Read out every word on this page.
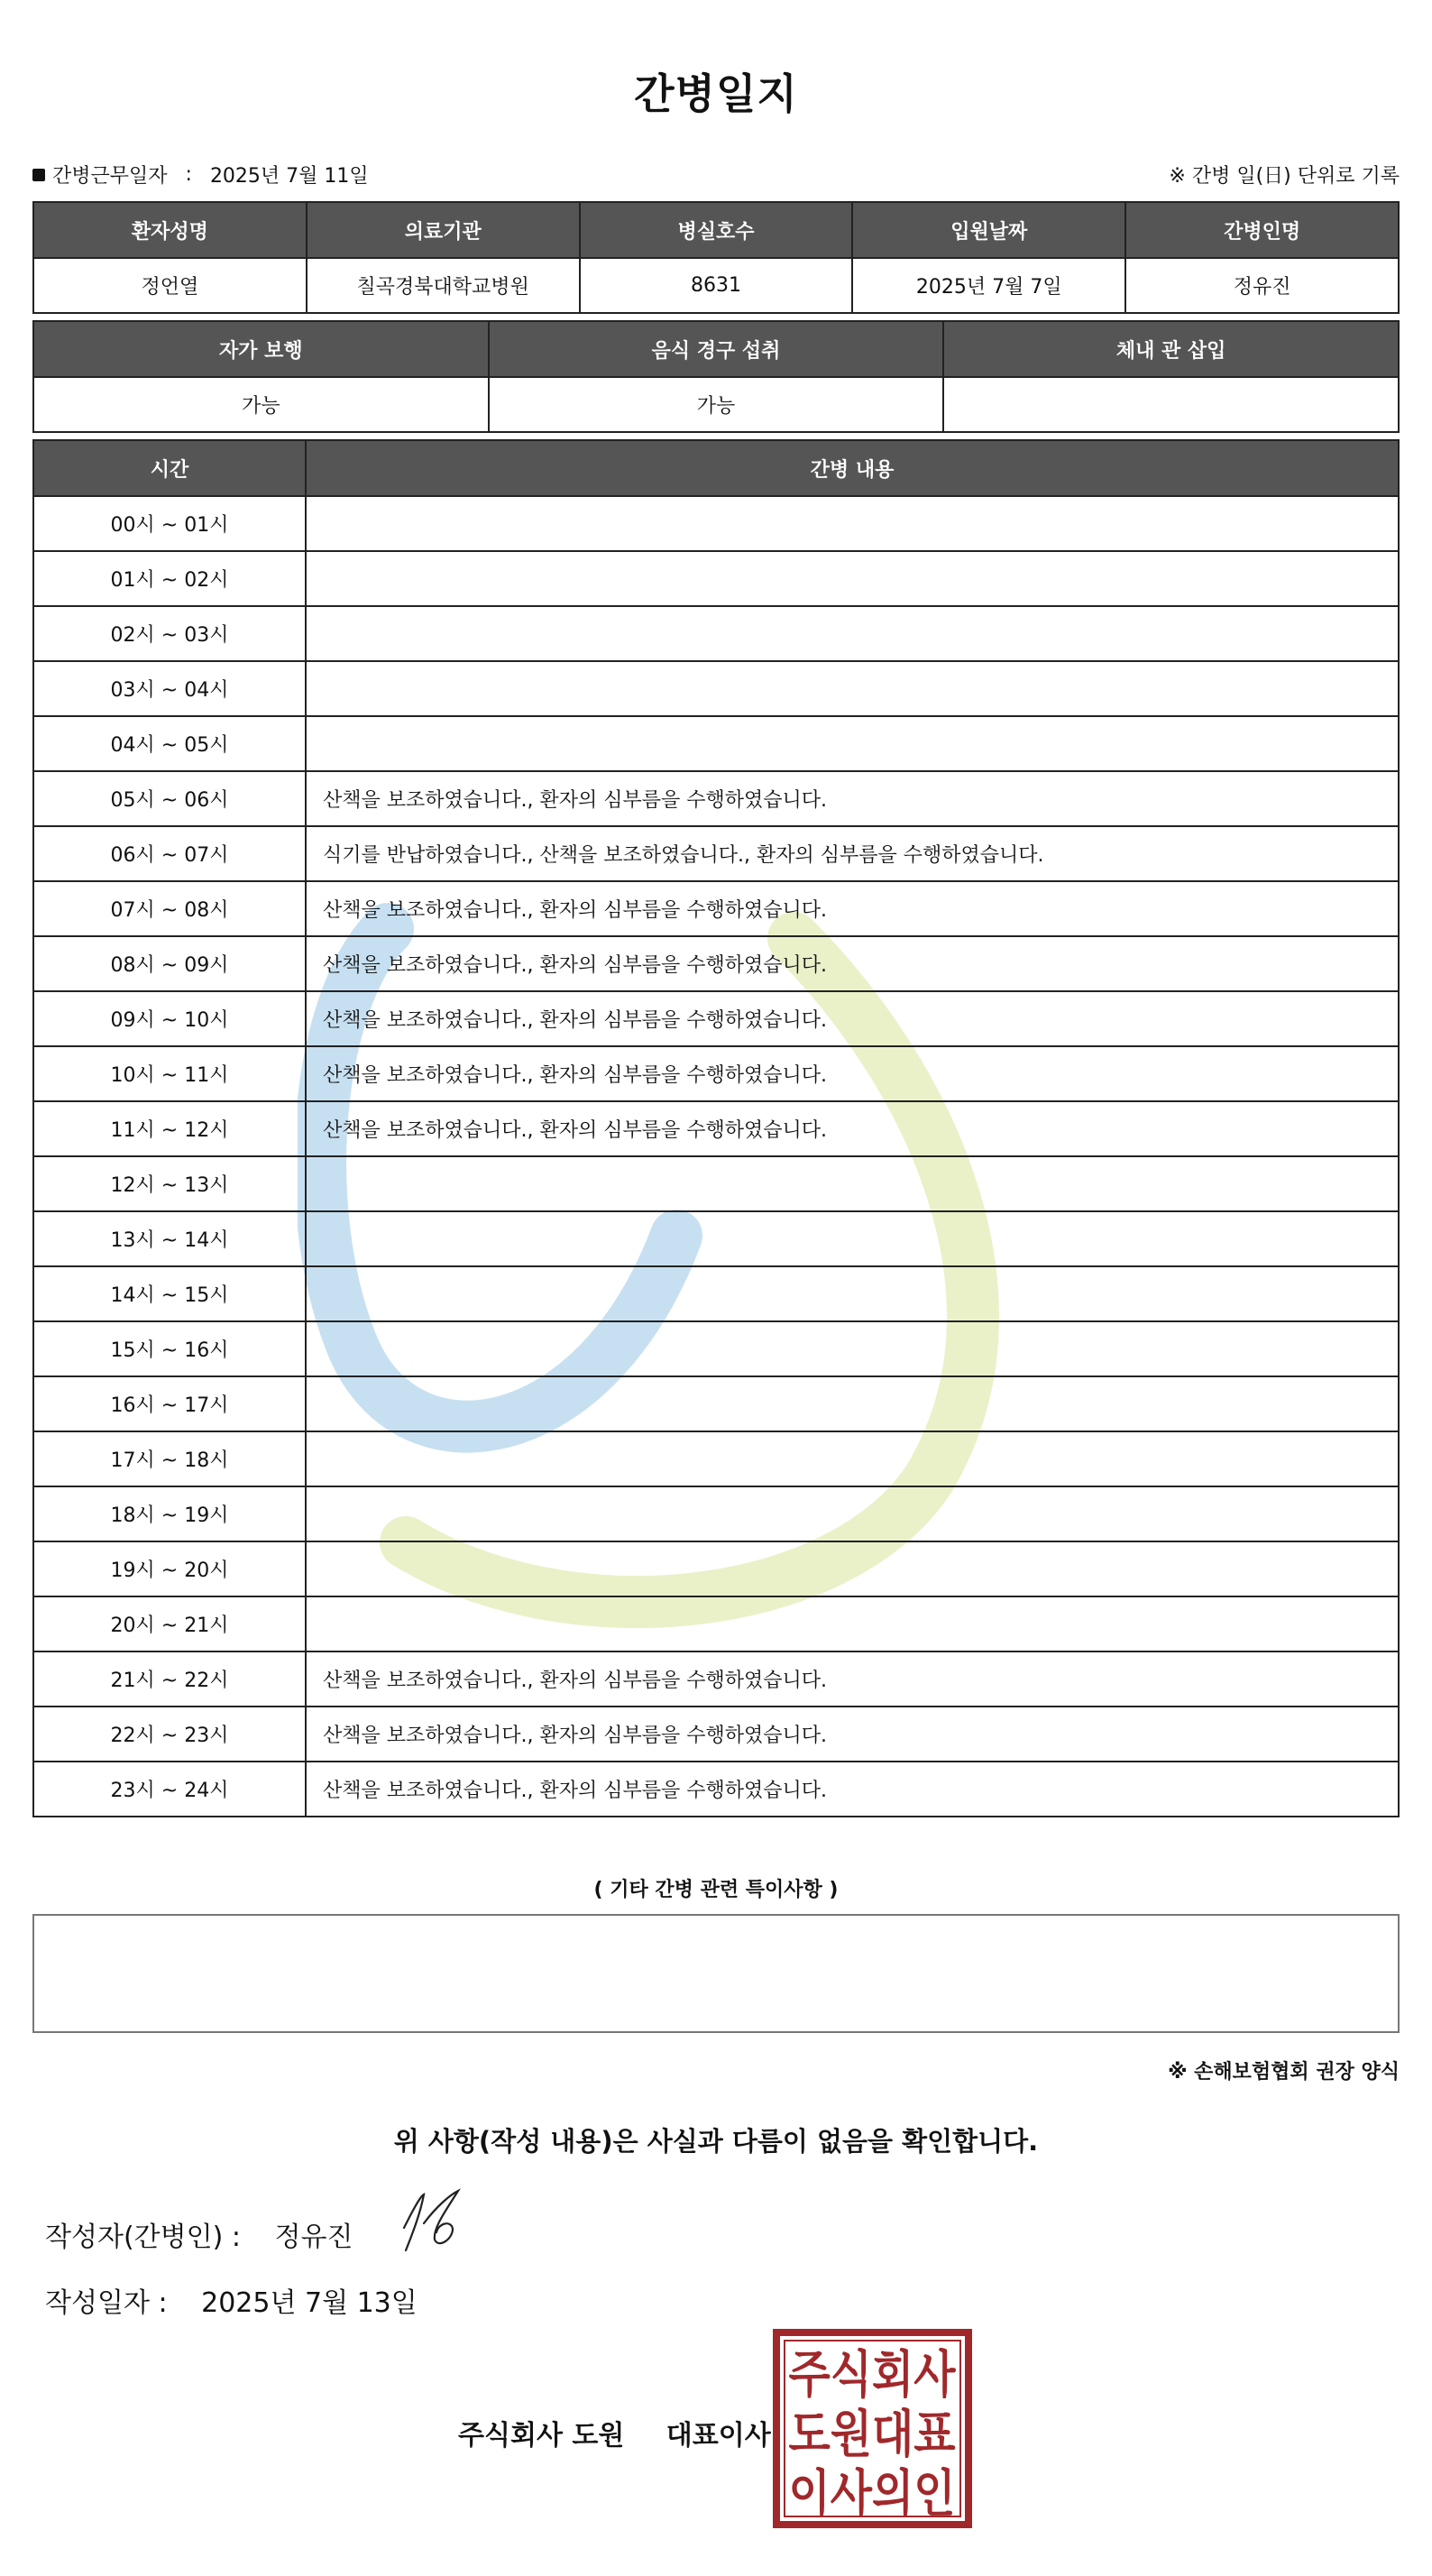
간병일지
간병근무일자 : 2025년 7월 11일	※ 간병 일(日) 단위로 기록
환자성명	의료기관	병실호수	입원날짜	간병인명
정언열	칠곡경북대학교병원	8631	2025년 7월 7일	정유진
자가 보행	음식 경구 섭취	체내 관 삽입
가능	가능	
시간	간병 내용
00시 ~ 01시	
01시 ~ 02시	
02시 ~ 03시	
03시 ~ 04시	
04시 ~ 05시	
05시 ~ 06시	산책을 보조하였습니다., 환자의 심부름을 수행하였습니다.
06시 ~ 07시	식기를 반납하였습니다., 산책을 보조하였습니다., 환자의 심부름을 수행하였습니다.
07시 ~ 08시	산책을 보조하였습니다., 환자의 심부름을 수행하였습니다.
08시 ~ 09시	산책을 보조하였습니다., 환자의 심부름을 수행하였습니다.
09시 ~ 10시	산책을 보조하였습니다., 환자의 심부름을 수행하였습니다.
10시 ~ 11시	산책을 보조하였습니다., 환자의 심부름을 수행하였습니다.
11시 ~ 12시	산책을 보조하였습니다., 환자의 심부름을 수행하였습니다.
12시 ~ 13시	
13시 ~ 14시	
14시 ~ 15시	
15시 ~ 16시	
16시 ~ 17시	
17시 ~ 18시	
18시 ~ 19시	
19시 ~ 20시	
20시 ~ 21시	
21시 ~ 22시	산책을 보조하였습니다., 환자의 심부름을 수행하였습니다.
22시 ~ 23시	산책을 보조하였습니다., 환자의 심부름을 수행하였습니다.
23시 ~ 24시	산책을 보조하였습니다., 환자의 심부름을 수행하였습니다.
( 기타 간병 관련 특이사항 )
※ 손해보험협회 권장 양식
위 사항(작성 내용)은 사실과 다름이 없음을 확인합니다.
작성자(간병인) : 정유진
작성일자 : 2025년 7월 13일
주식회사 도원 대표이사
주식회사
도원대표
이사의인
